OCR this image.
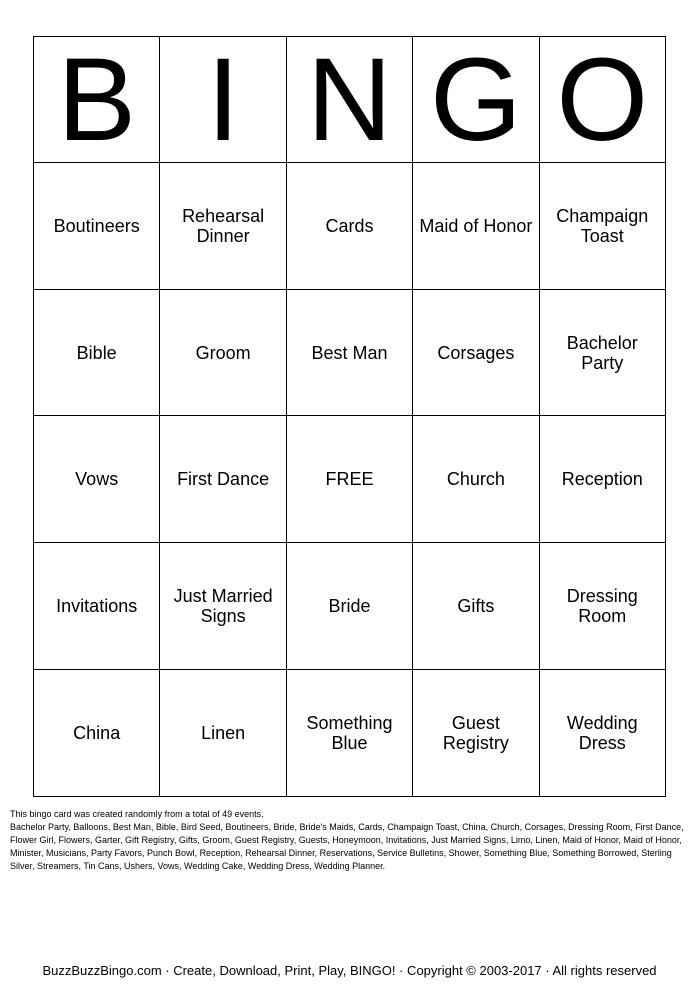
B	I	N	G	O
Boutineers	Rehearsal Dinner	Cards	Maid of Honor	Champaign Toast
Bible	Groom	Best Man	Corsages	Bachelor Party
Vows	First Dance	FREE	Church	Reception
Invitations	Just Married Signs	Bride	Gifts	Dressing Room
China	Linen	Something Blue	Guest Registry	Wedding Dress

This bingo card was created randomly from a total of 49 events.

Bachelor Party, Balloons, Best Man, Bible, Bird Seed, Boutineers, Bride, Bride's Maids, Cards, Champaign Toast, China, Church, Corsages, Dressing Room, First Dance, Flower Girl, Flowers, Garter, Gift Registry, Gifts, Groom, Guest Registry, Guests, Honeymoon, Invitations, Just Married Signs, Limo, Linen, Maid of Honor, Maid of Honor, Minister, Musicians, Party Favors, Punch Bowl, Reception, Rehearsal Dinner, Reservations, Service Bulletins, Shower, Something Blue, Something Borrowed, Sterling Silver, Streamers, Tin Cans, Ushers, Vows, Wedding Cake, Wedding Dress, Wedding Planner.

BuzzBuzzBingo.com · Create, Download, Print, Play, BINGO! · Copyright © 2003-2017 · All rights reserved
